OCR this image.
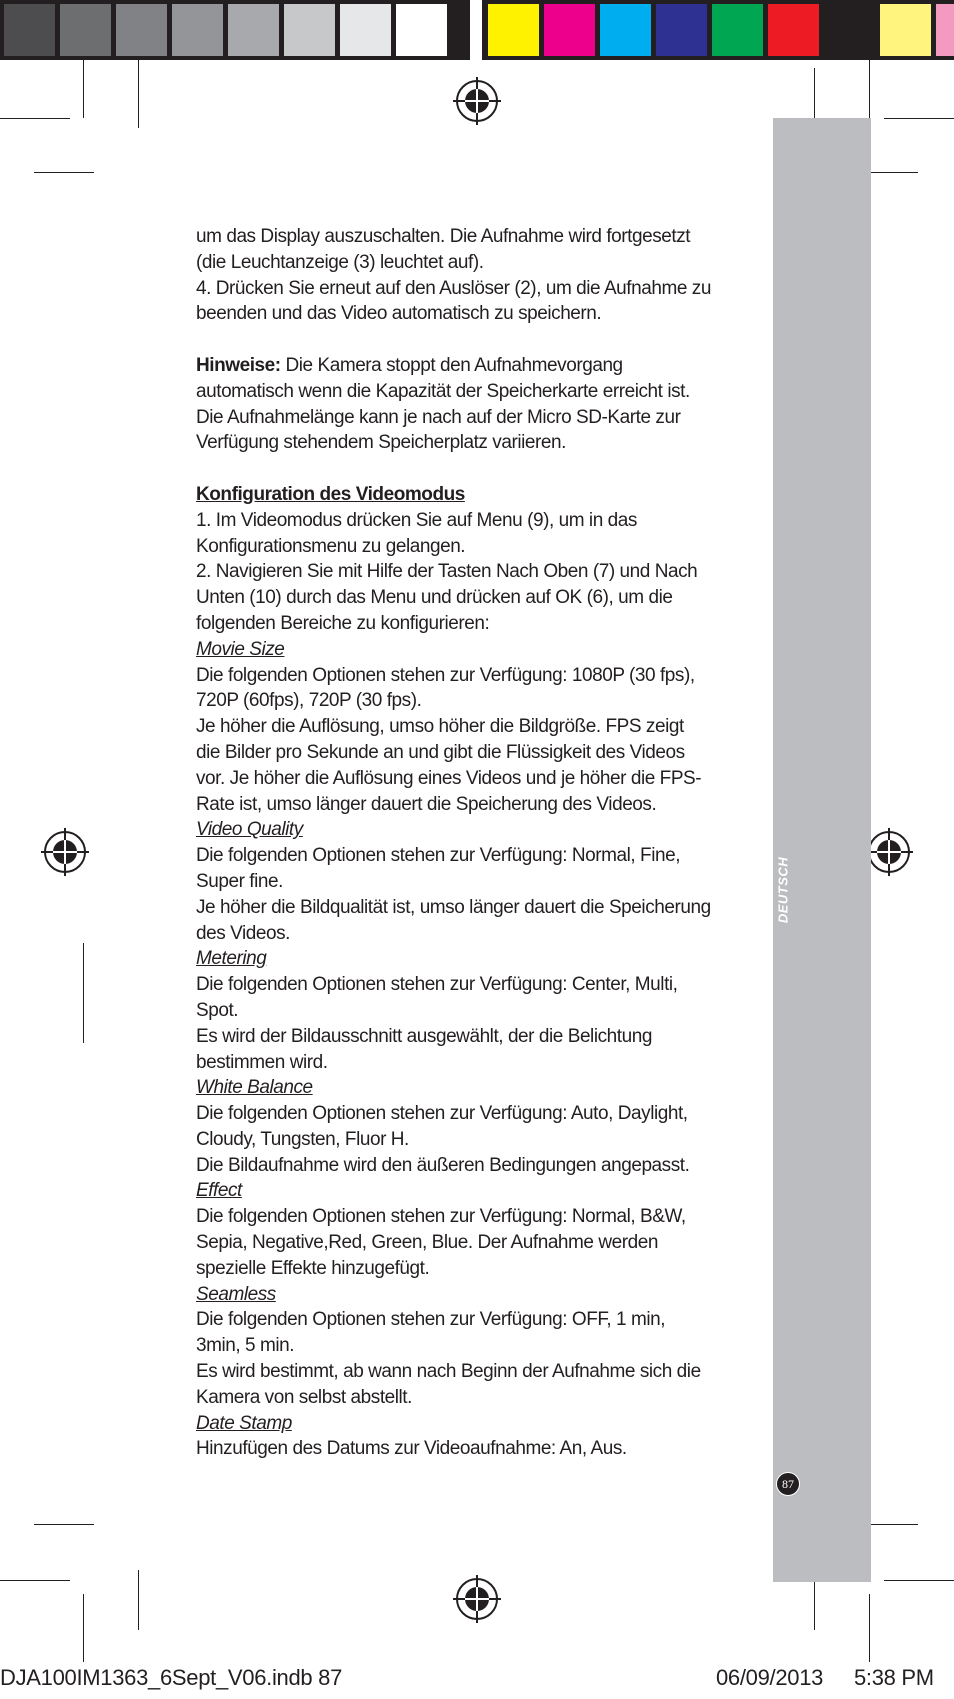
DEUTSCH
87

um das Display auszuschalten. Die Aufnahme wird fortgesetzt

(die Leuchtanzeige (3) leuchtet auf).

4. Drücken Sie erneut auf den Auslöser (2), um die Aufnahme zu

beenden und das Video automatisch zu speichern.

Hinweise: Die Kamera stoppt den Aufnahmevorgang

automatisch wenn die Kapazität der Speicherkarte erreicht ist.

Die Aufnahmelänge kann je nach auf der Micro SD-Karte zur

Verfügung stehendem Speicherplatz variieren.

Konfiguration des Videomodus

1. Im Videomodus drücken Sie auf Menu (9), um in das

Konfigurationsmenu zu gelangen.

2. Navigieren Sie mit Hilfe der Tasten Nach Oben (7) und Nach

Unten (10) durch das Menu und drücken auf OK (6), um die

folgenden Bereiche zu konfigurieren:

Movie Size

Die folgenden Optionen stehen zur Verfügung: 1080P (30 fps),

720P (60fps), 720P (30 fps).

Je höher die Auflösung, umso höher die Bildgröße. FPS zeigt

die Bilder pro Sekunde an und gibt die Flüssigkeit des Videos

vor. Je höher die Auflösung eines Videos und je höher die FPS-

Rate ist, umso länger dauert die Speicherung des Videos.

Video Quality

Die folgenden Optionen stehen zur Verfügung: Normal, Fine,

Super fine.

Je höher die Bildqualität ist, umso länger dauert die Speicherung

des Videos.

Metering

Die folgenden Optionen stehen zur Verfügung: Center, Multi,

Spot.

Es wird der Bildausschnitt ausgewählt, der die Belichtung

bestimmen wird.

White Balance

Die folgenden Optionen stehen zur Verfügung: Auto, Daylight,

Cloudy, Tungsten, Fluor H.

Die Bildaufnahme wird den äußeren Bedingungen angepasst.

Effect

Die folgenden Optionen stehen zur Verfügung: Normal, B&W,

Sepia, Negative,Red, Green, Blue. Der Aufnahme werden

spezielle Effekte hinzugefügt.

Seamless

Die folgenden Optionen stehen zur Verfügung: OFF, 1 min,

3min, 5 min.

Es wird bestimmt, ab wann nach Beginn der Aufnahme sich die

Kamera von selbst abstellt.

Date Stamp

Hinzufügen des Datums zur Videoaufnahme: An, Aus.

DJA100IM1363_6Sept_V06.indb 87	06/09/2013 5:38 PM
